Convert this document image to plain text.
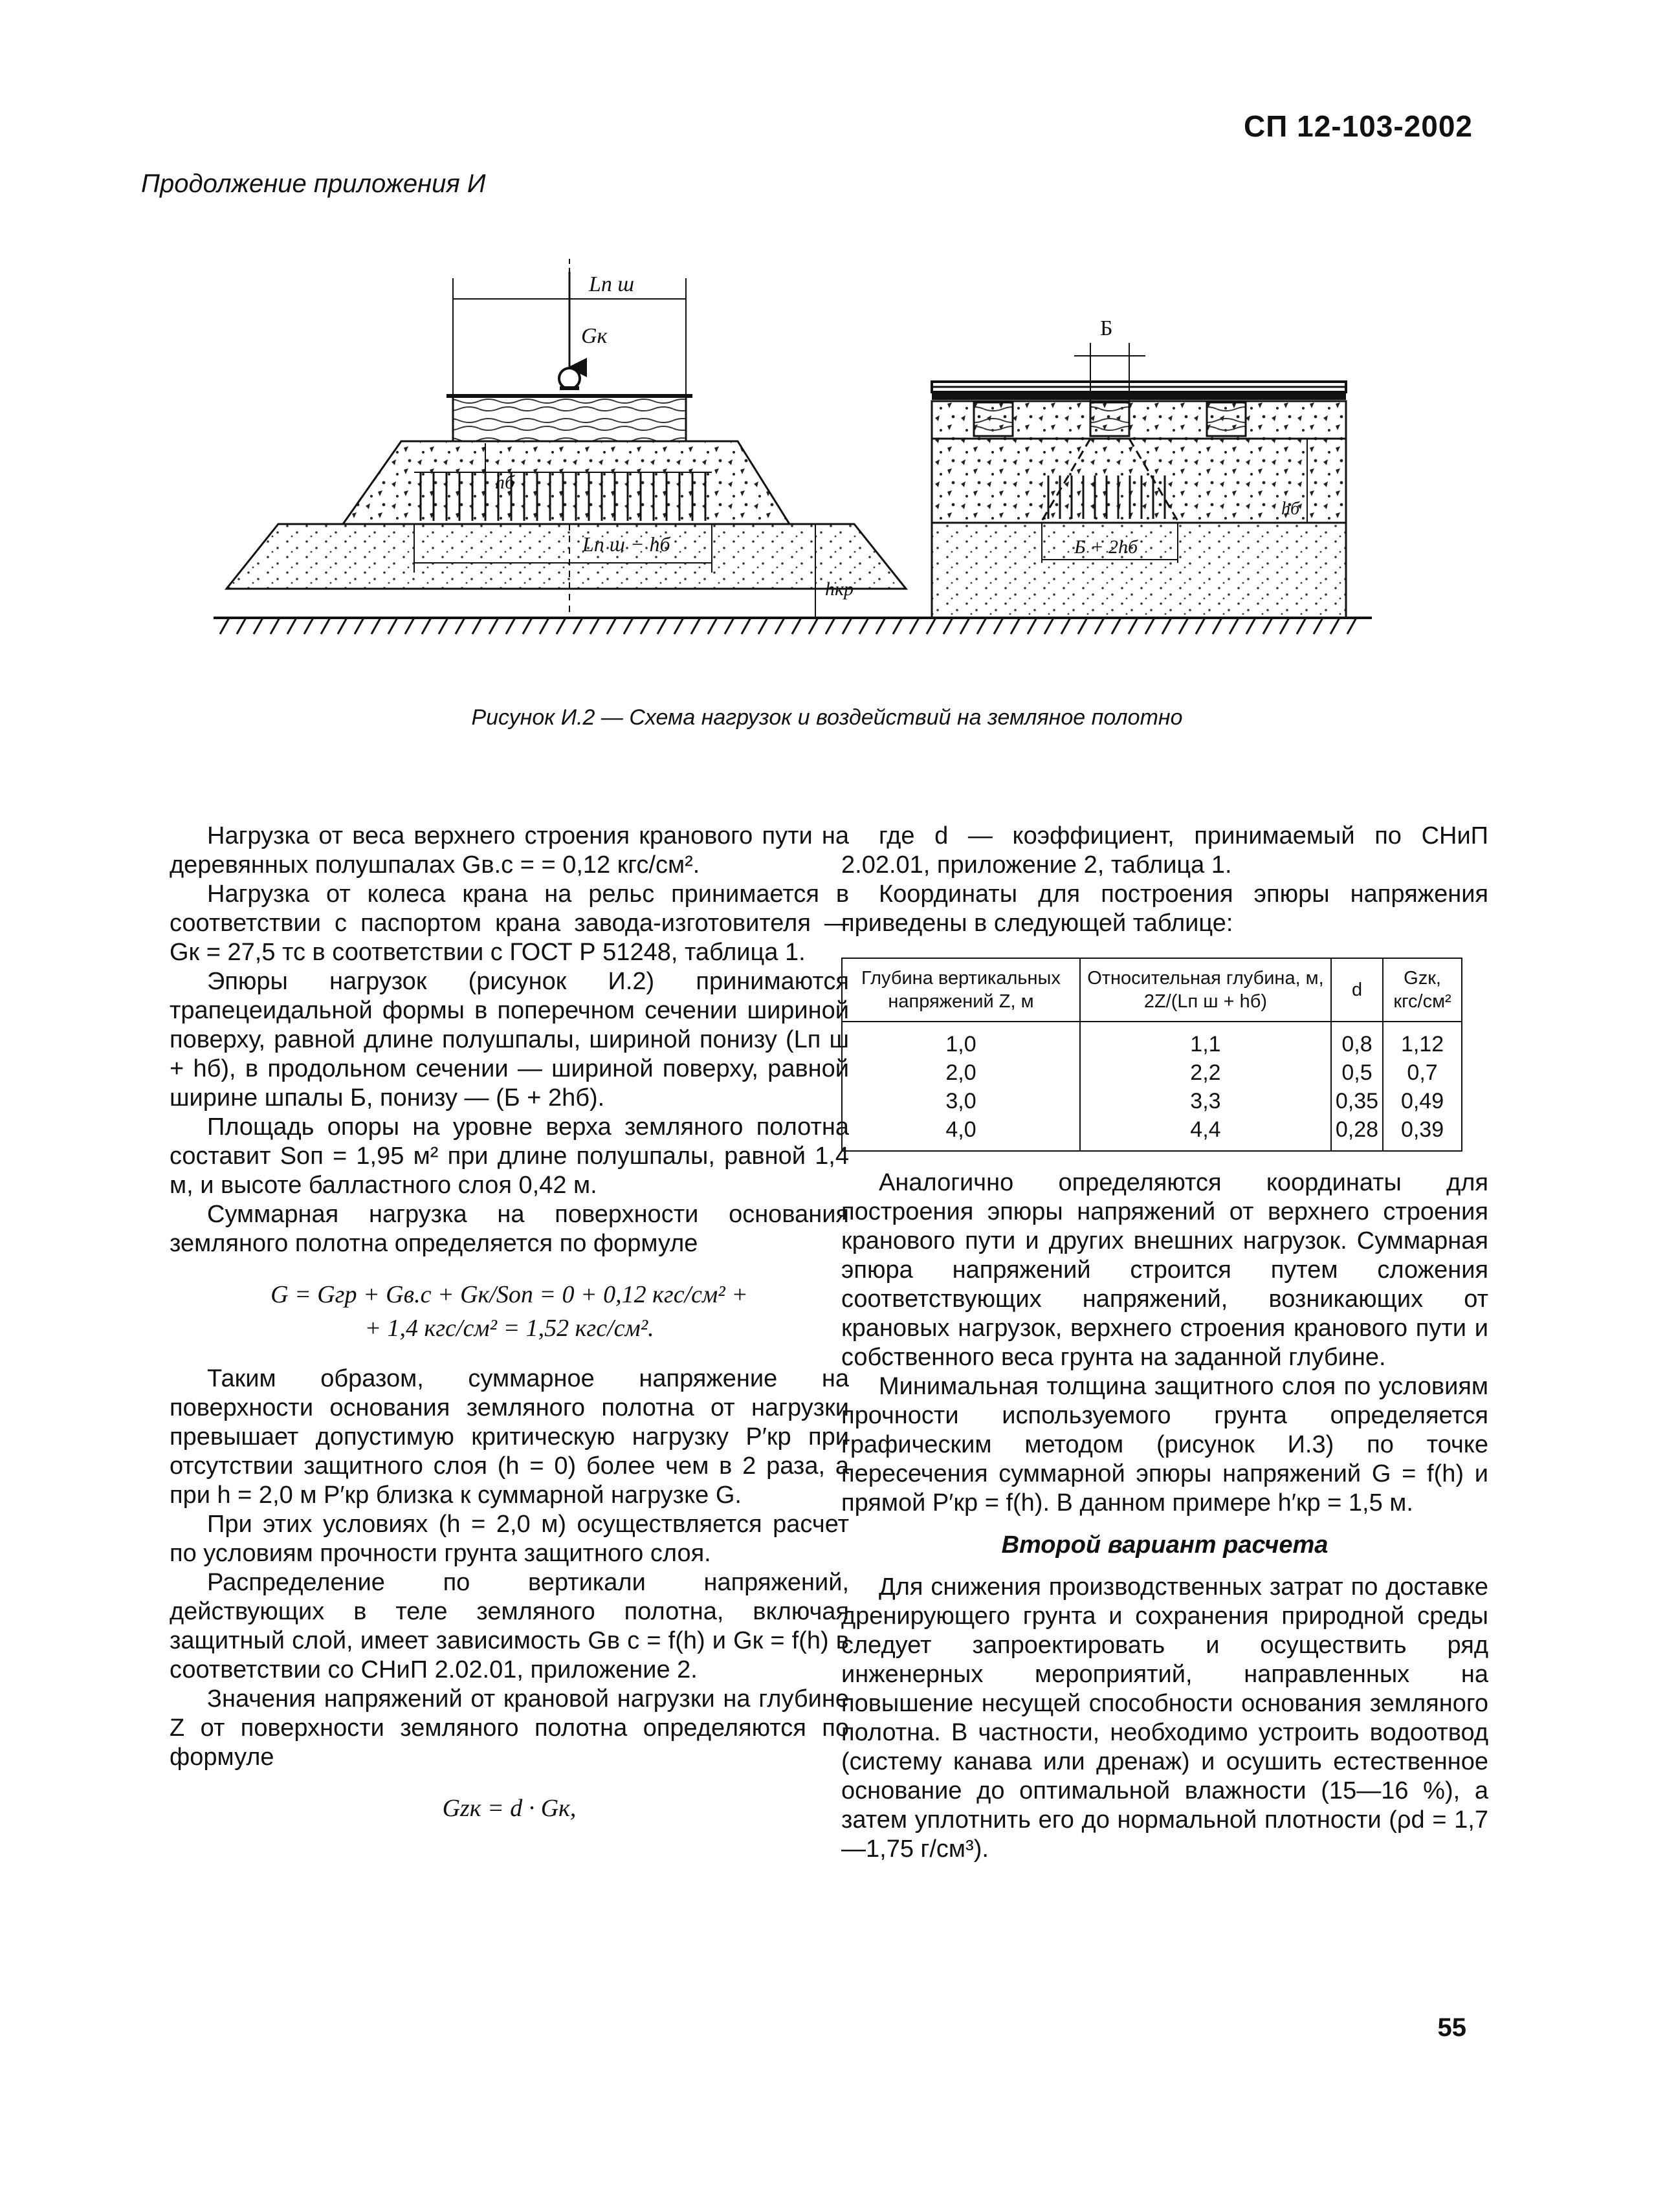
СП 12-103-2002
Продолжение приложения И
Lп ш
Gк
hб
Lп ш − hб
hкр
Б
Б + 2hб
hб
Рисунок И.2 — Схема нагрузок и воздействий на земляное полотно

Нагрузка от веса верхнего строения кранового пути на деревянных полушпалах Gв.с = = 0,12 кгс/см².

Нагрузка от колеса крана на рельс принимается в соответствии с паспортом крана завода-изготовителя — Gк = 27,5 тс в соответствии с ГОСТ Р 51248, таблица 1.

Эпюры нагрузок (рисунок И.2) принимаются трапецеидальной формы в поперечном сечении шириной поверху, равной длине полушпалы, шириной понизу (Lп ш + hб), в продольном сечении — шириной поверху, равной ширине шпалы Б, понизу — (Б + 2hб).

Площадь опоры на уровне верха земляного полотна составит Sоп = 1,95 м² при длине полушпалы, равной 1,4 м, и высоте балластного слоя 0,42 м.

Суммарная нагрузка на поверхности основания земляного полотна определяется по формуле

G = Gгр + Gв.с + Gк/Sоп = 0 + 0,12 кгс/см² +
+ 1,4 кгс/см² = 1,52 кгс/см².

Таким образом, суммарное напряжение на поверхности основания земляного полотна от нагрузки превышает допустимую критическую нагрузку P′кр при отсутствии защитного слоя (h = 0) более чем в 2 раза, а при h = 2,0 м P′кр близка к суммарной нагрузке G.

При этих условиях (h = 2,0 м) осуществляется расчет по условиям прочности грунта защитного слоя.

Распределение по вертикали напряжений, действующих в теле земляного полотна, включая защитный слой, имеет зависимость Gв с = f(h) и Gк = f(h) в соответствии со СНиП 2.02.01, приложение 2.

Значения напряжений от крановой нагрузки на глубине Z от поверхности земляного полотна определяются по формуле

Gzк = d · Gк,

где d — коэффициент, принимаемый по СНиП 2.02.01, приложение 2, таблица 1.

Координаты для построения эпюры напряжения приведены в следующей таблице:

Глубина вертикальных напряжений Z, м	Относительная глубина, м, 2Z/(Lп ш + hб)	d	Gzк, кгс/см²
1,0	1,1	0,8	1,12
2,0	2,2	0,5	0,7
3,0	3,3	0,35	0,49
4,0	4,4	0,28	0,39

Аналогично определяются координаты для построения эпюры напряжений от верхнего строения кранового пути и других внешних нагрузок. Суммарная эпюра напряжений строится путем сложения соответствующих напряжений, возникающих от крановых нагрузок, верхнего строения кранового пути и собственного веса грунта на заданной глубине.

Минимальная толщина защитного слоя по условиям прочности используемого грунта определяется графическим методом (рисунок И.3) по точке пересечения суммарной эпюры напряжений G = f(h) и прямой P′кр = f(h). В данном примере h′кр = 1,5 м.

Второй вариант расчета

Для снижения производственных затрат по доставке дренирующего грунта и сохранения природной среды следует запроектировать и осуществить ряд инженерных мероприятий, направленных на повышение несущей способности основания земляного полотна. В частности, необходимо устроить водоотвод (систему канава или дренаж) и осушить естественное основание до оптимальной влажности (15—16 %), а затем уплотнить его до нормальной плотности (ρd = 1,7—1,75 г/см³).

55
